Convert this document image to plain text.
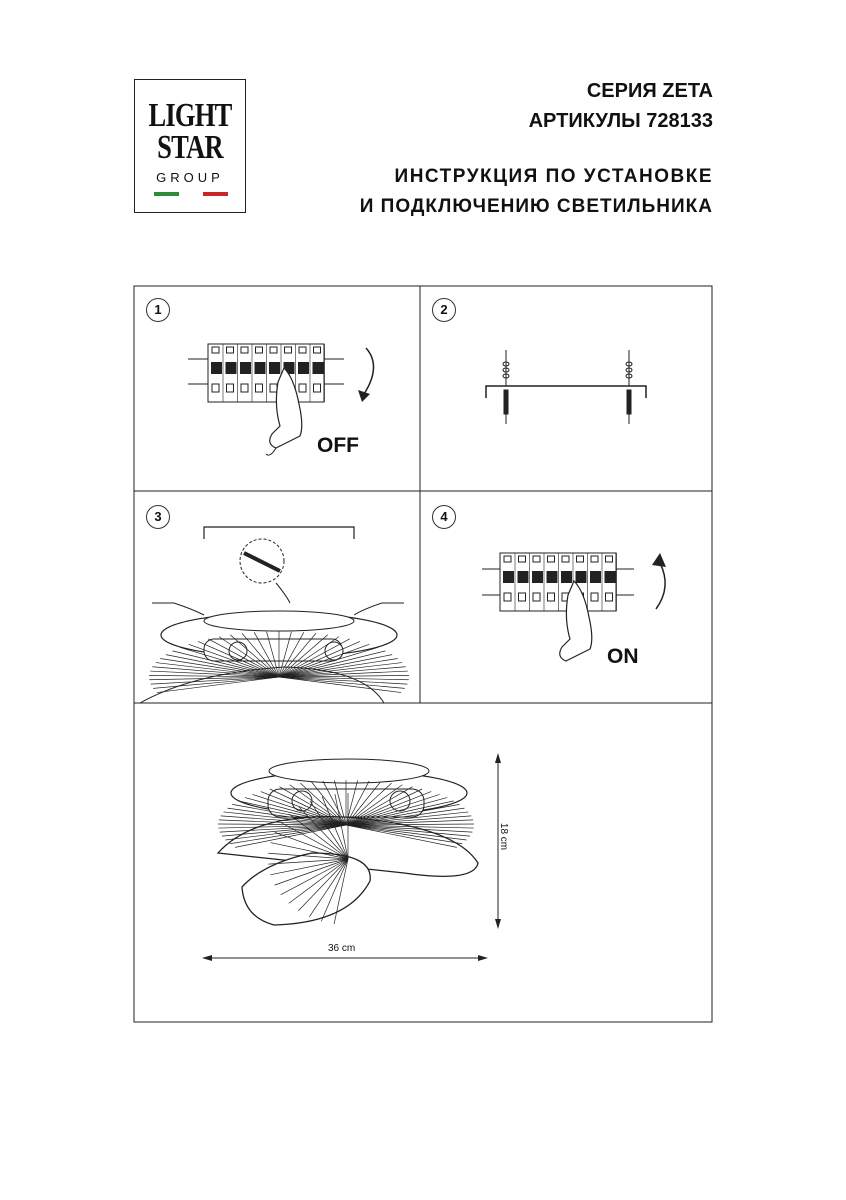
LIGHT
STAR
GROUP
СЕРИЯ ZETA
АРТИКУЛЫ 728133
ИНСТРУКЦИЯ ПО УСТАНОВКЕ
И ПОДКЛЮЧЕНИЮ СВЕТИЛЬНИКА
1
OFF
2
3	4
ON
36 cm
18 cm
